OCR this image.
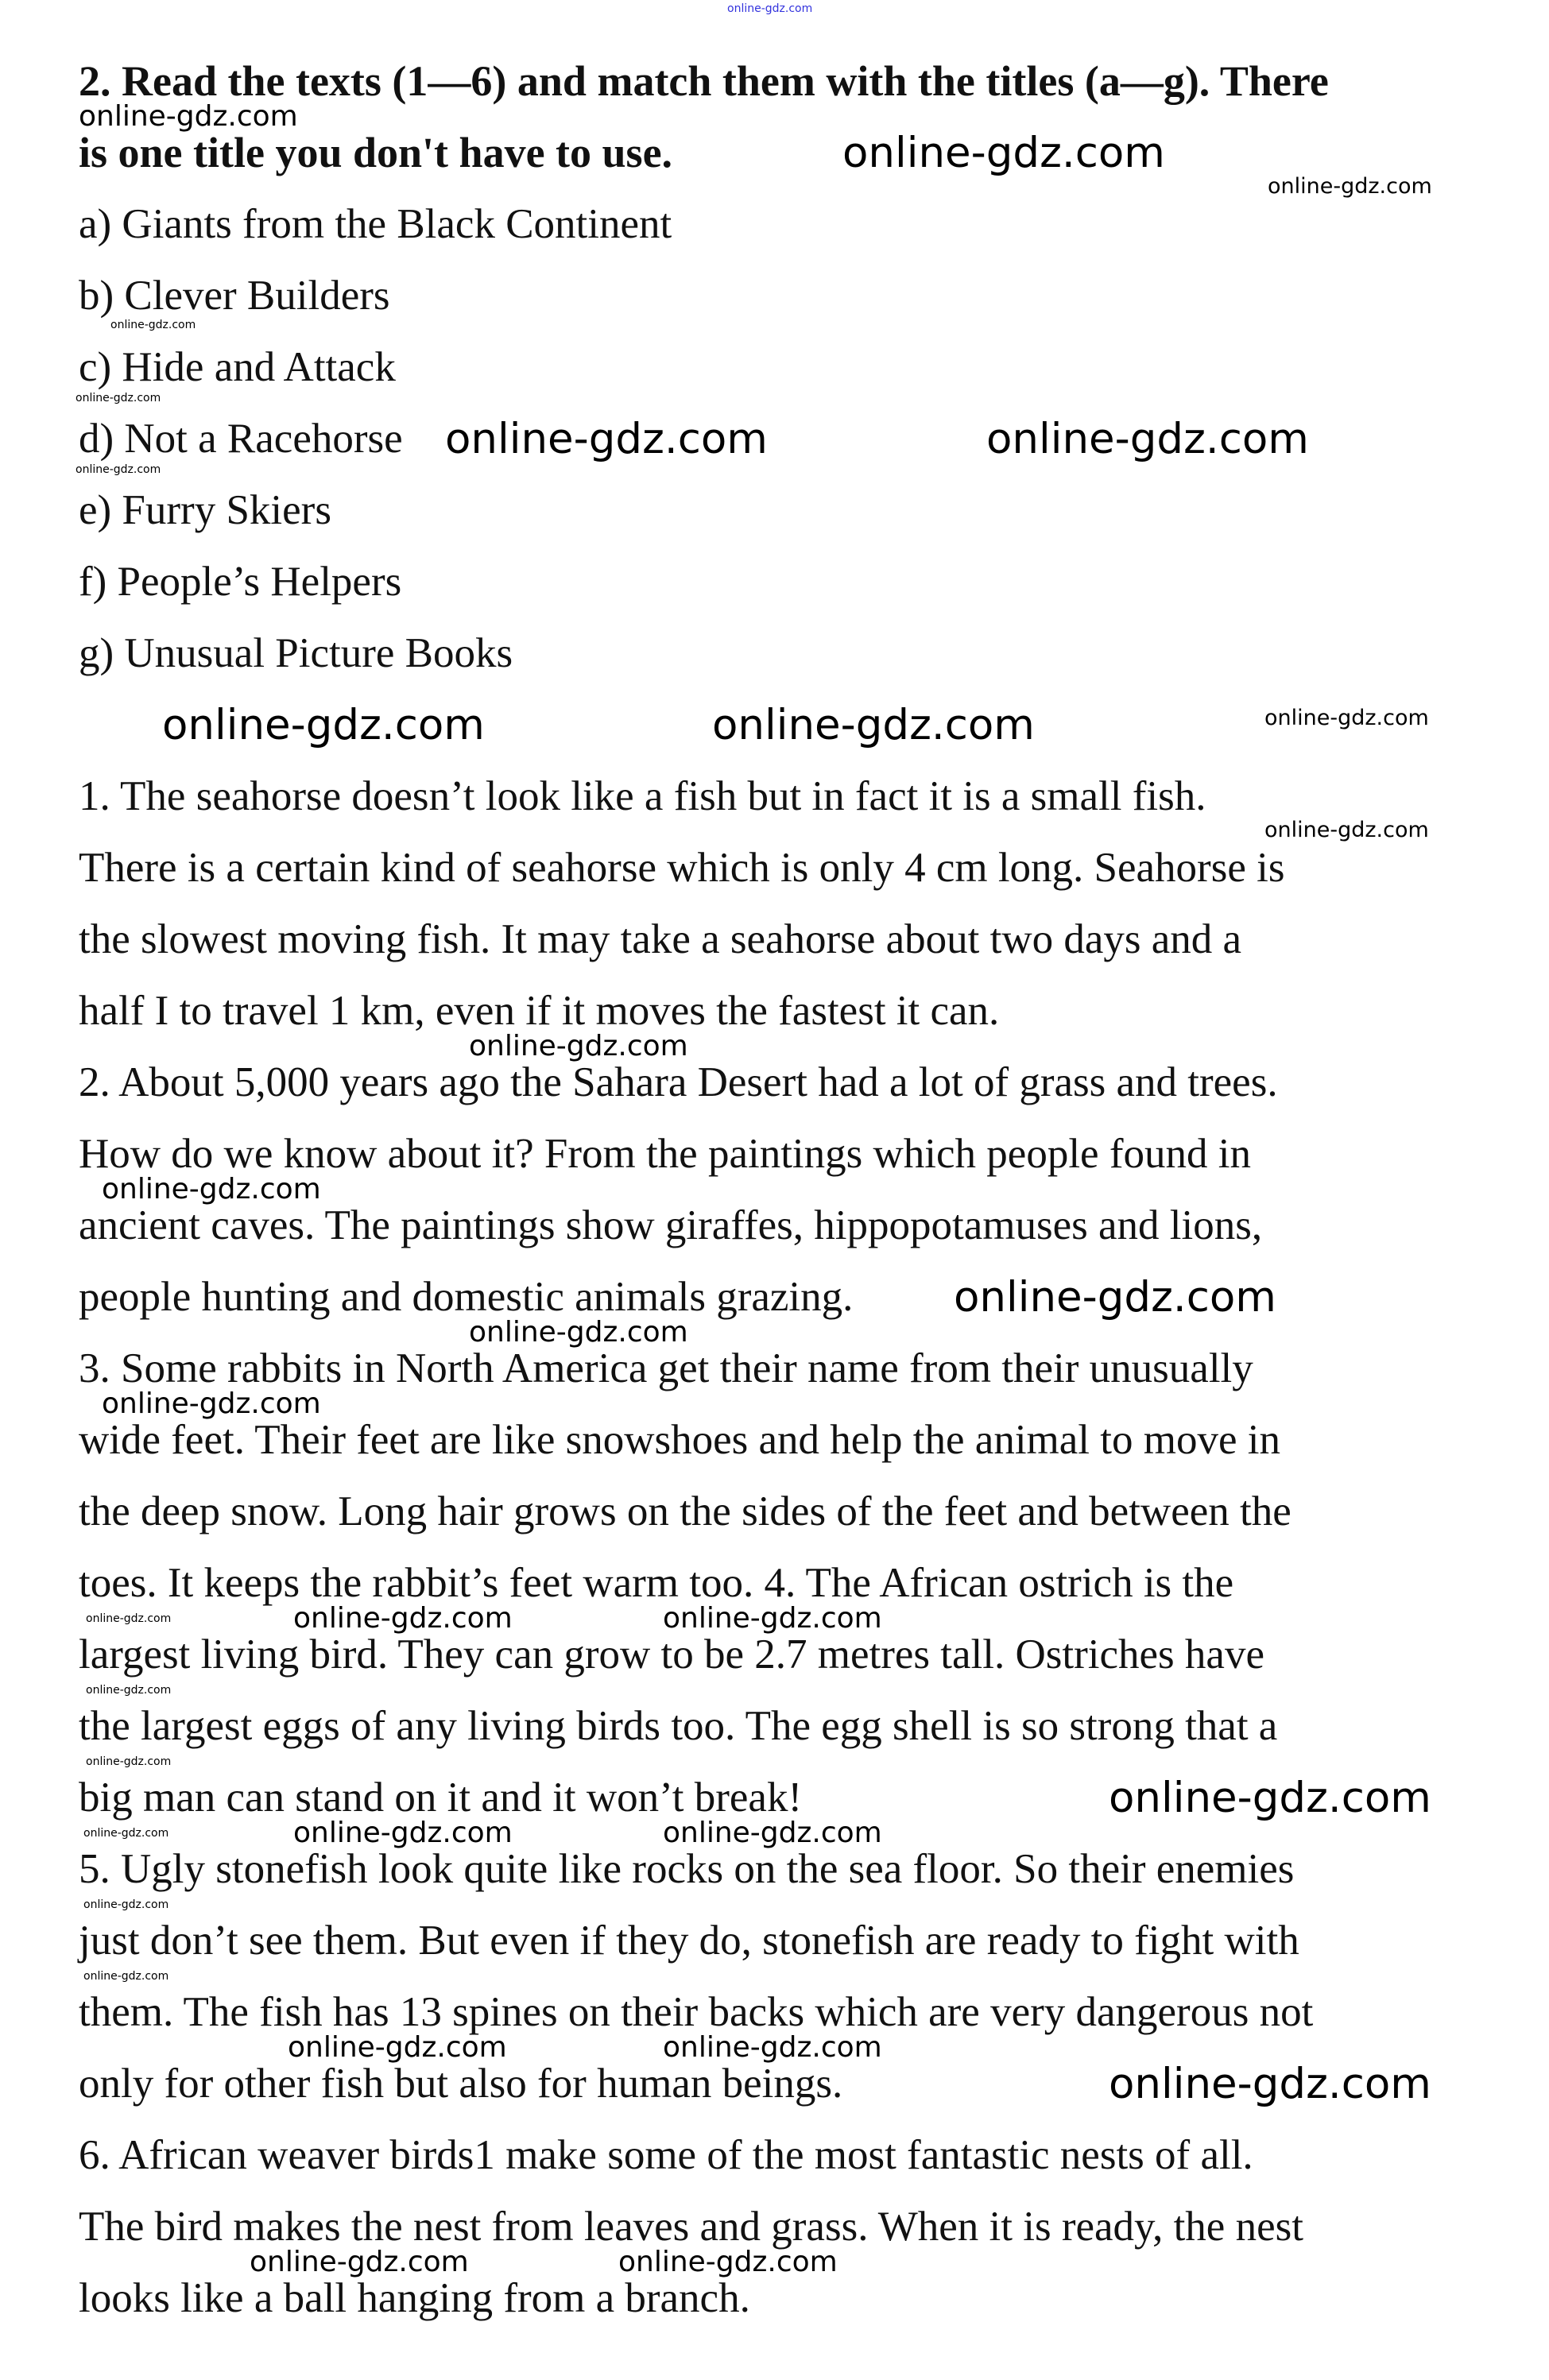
2. Read the texts (1—6) and match them with the titles (a—g). There
is one title you don't have to use.
a) Giants from the Black Continent
b) Clever Builders
c) Hide and Attack
d) Not a Racehorse
e) Furry Skiers
f) People’s Helpers
g) Unusual Picture Books
1. The seahorse doesn’t look like a fish but in fact it is a small fish.
There is a certain kind of seahorse which is only 4 cm long. Seahorse is
the slowest moving fish. It may take a seahorse about two days and a
half I to travel 1 km, even if it moves the fastest it can.
2. About 5,000 years ago the Sahara Desert had a lot of grass and trees.
How do we know about it? From the paintings which people found in
ancient caves. The paintings show giraffes, hippopotamuses and lions,
people hunting and domestic animals grazing.
3. Some rabbits in North America get their name from their unusually
wide feet. Their feet are like snowshoes and help the animal to move in
the deep snow. Long hair grows on the sides of the feet and between the
toes. It keeps the rabbit’s feet warm too. 4. The African ostrich is the
largest living bird. They can grow to be 2.7 metres tall. Ostriches have
the largest eggs of any living birds too. The egg shell is so strong that a
big man can stand on it and it won’t break!
5. Ugly stonefish look quite like rocks on the sea floor. So their enemies
just don’t see them. But even if they do, stonefish are ready to fight with
them. The fish has 13 spines on their backs which are very dangerous not
only for other fish but also for human beings.
6. African weaver birds1 make some of the most fantastic nests of all.
The bird makes the nest from leaves and grass. When it is ready, the nest
looks like a ball hanging from a branch.
online-gdz.com
online-gdz.com
online-gdz.com
online-gdz.com
online-gdz.com
online-gdz.com
online-gdz.com
online-gdz.com	online-gdz.com
online-gdz.com	online-gdz.com	online-gdz.com
online-gdz.com
online-gdz.com
online-gdz.com
online-gdz.com
online-gdz.com
online-gdz.com
online-gdz.com	online-gdz.com
online-gdz.com
online-gdz.com
online-gdz.com
online-gdz.com
online-gdz.com	online-gdz.com
online-gdz.com
online-gdz.com
online-gdz.com
online-gdz.com	online-gdz.com
online-gdz.com
online-gdz.com	online-gdz.com
